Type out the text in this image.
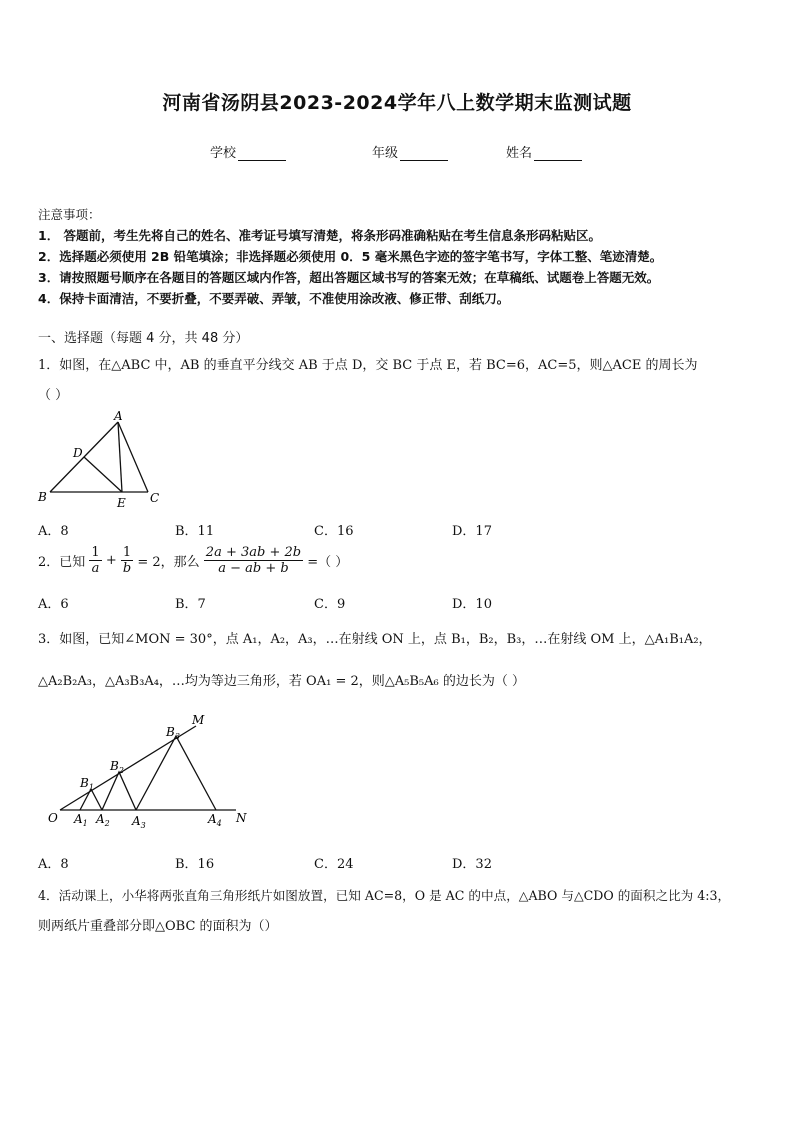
河南省汤阴县2023-2024学年八上数学期末监测试题
学校	年级	姓名
注意事项：
1． 答题前，考生先将自己的姓名、准考证号填写清楚，将条形码准确粘贴在考生信息条形码粘贴区。
2．选择题必须使用 2B 铅笔填涂；非选择题必须使用 0．5 毫米黑色字迹的签字笔书写，字体工整、笔迹清楚。
3．请按照题号顺序在各题目的答题区域内作答，超出答题区域书写的答案无效；在草稿纸、试题卷上答题无效。
4．保持卡面清洁，不要折叠，不要弄破、弄皱，不准使用涂改液、修正带、刮纸刀。
一、选择题（每题 4 分，共 48 分）
1．如图，在△ABC 中，AB 的垂直平分线交 AB 于点 D，交 BC 于点 E，若 BC=6，AC=5，则△ACE 的周长为
（ ）
A
D
B	E C
A．8	B．11	C．16	D．17
2．已知 $\frac{1}{a} + \frac{1}{b} = 2$，那么 $\frac{2a + 3ab + 2b}{a - ab + b}$ =（ ）
A．6	B．7	C．9	D．10
3．如图，已知∠MON = 30°，点 A₁，A₂，A₃，…在射线 ON 上，点 B₁，B₂，B₃，…在射线 OM 上，△A₁B₁A₂，
△A₂B₂A₃，△A₃B₃A₄，…均为等边三角形，若 OA₁ = 2，则△A₅B₅A₆ 的边长为（ ）
M
N
O
$B_1$
$B_2$
$B_3$
$A_1$ $A_2$ $A_3$	$A_4$
A．8	B．16	C．24	D．32
4．活动课上，小华将两张直角三角形纸片如图放置，已知 AC=8，O 是 AC 的中点，△ABO 与△CDO 的面积之比为 4:3，
则两纸片重叠部分即△OBC 的面积为（）
